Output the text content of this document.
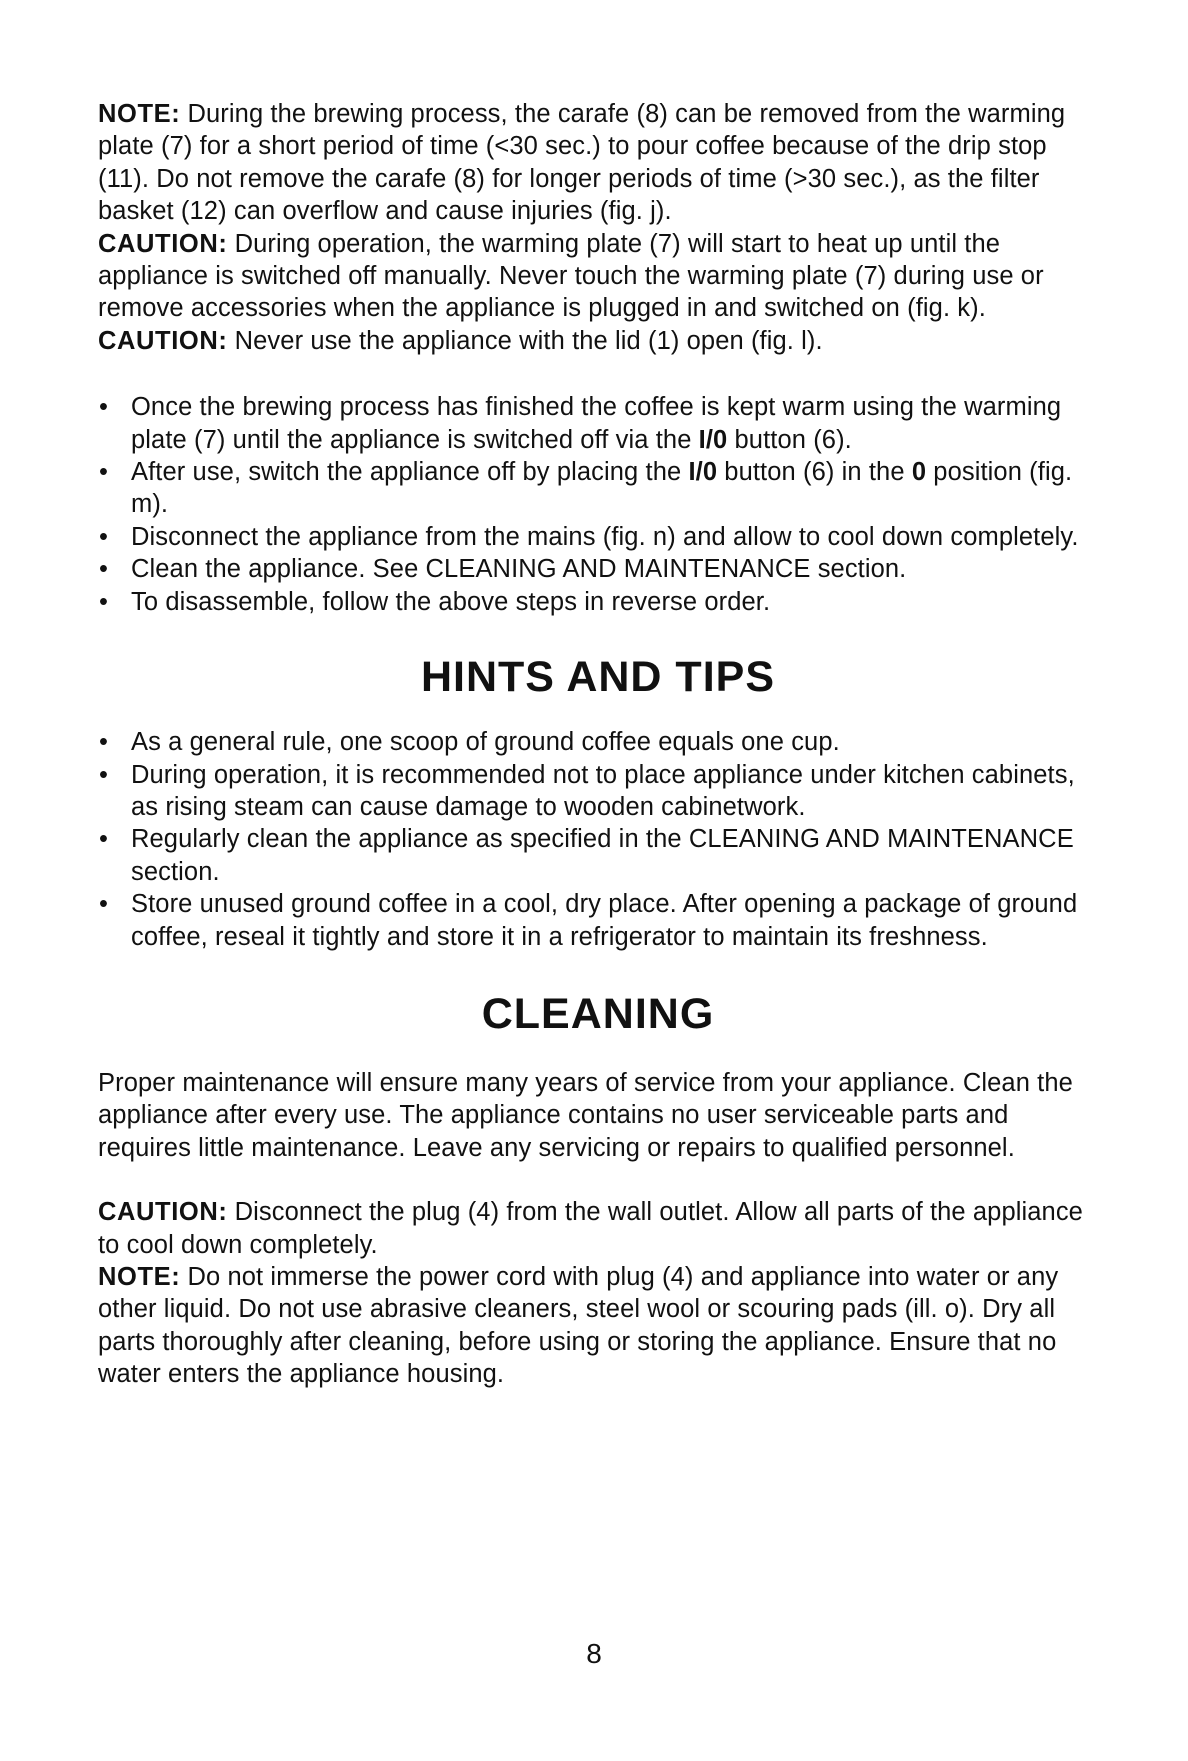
NOTE: During the brewing process, the carafe (8) can be removed from the warming plate (7) for a short period of time (<30 sec.) to pour coffee because of the drip stop (11). Do not remove the carafe (8) for longer periods of time (>30 sec.), as the filter basket (12) can overflow and cause injuries (fig. j).

CAUTION: During operation, the warming plate (7) will start to heat up until the appliance is switched off manually. Never touch the warming plate (7) during use or remove accessories when the appliance is plugged in and switched on (fig. k).

CAUTION: Never use the appliance with the lid (1) open (fig. l).

• Once the brewing process has finished the coffee is kept warm using the warming plate (7) until the appliance is switched off via the I/0 button (6).
• After use, switch the appliance off by placing the I/0 button (6) in the 0 position (fig. m).
• Disconnect the appliance from the mains (fig. n) and allow to cool down completely.
• Clean the appliance. See CLEANING AND MAINTENANCE section.
• To disassemble, follow the above steps in reverse order.
HINTS AND TIPS
• As a general rule, one scoop of ground coffee equals one cup.
• During operation, it is recommended not to place appliance under kitchen cabinets, as rising steam can cause damage to wooden cabinetwork.
• Regularly clean the appliance as specified in the CLEANING AND MAINTENANCE section.
• Store unused ground coffee in a cool, dry place. After opening a package of ground coffee, reseal it tightly and store it in a refrigerator to maintain its freshness.
CLEANING

Proper maintenance will ensure many years of service from your appliance. Clean the appliance after every use. The appliance contains no user serviceable parts and requires little maintenance. Leave any servicing or repairs to qualified personnel.

CAUTION: Disconnect the plug (4) from the wall outlet. Allow all parts of the appliance to cool down completely.

NOTE: Do not immerse the power cord with plug (4) and appliance into water or any other liquid. Do not use abrasive cleaners, steel wool or scouring pads (ill. o). Dry all parts thoroughly after cleaning, before using or storing the appliance. Ensure that no water enters the appliance housing.

8
